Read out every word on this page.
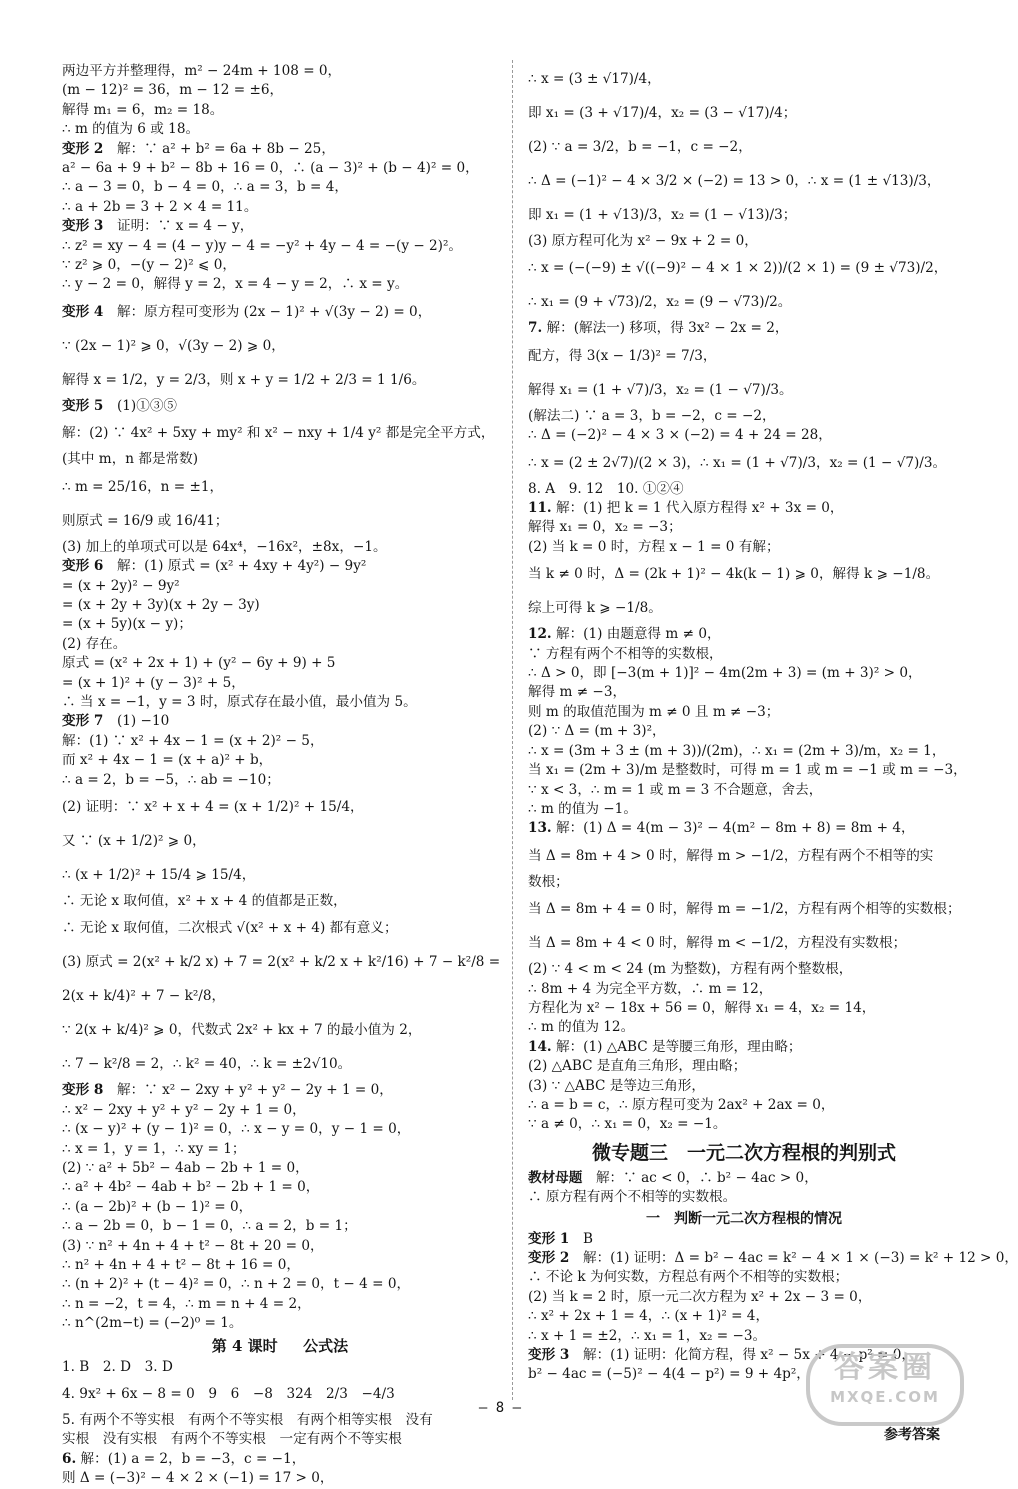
两边平方并整理得，m² − 24m + 108 = 0，
(m − 12)² = 36，m − 12 = ±6，
解得 m₁ = 6，m₂ = 18。
∴ m 的值为 6 或 18。
变形 2　解：∵ a² + b² = 6a + 8b − 25，
a² − 6a + 9 + b² − 8b + 16 = 0，∴ (a − 3)² + (b − 4)² = 0，
∴ a − 3 = 0，b − 4 = 0，∴ a = 3，b = 4，
∴ a + 2b = 3 + 2 × 4 = 11。
变形 3　证明：∵ x = 4 − y，
∴ z² = xy − 4 = (4 − y)y − 4 = −y² + 4y − 4 = −(y − 2)²。
∵ z² ⩾ 0，−(y − 2)² ⩽ 0，
∴ y − 2 = 0，解得 y = 2，x = 4 − y = 2，∴ x = y。
变形 4　解：原方程可变形为 (2x − 1)² + √(3y − 2) = 0，
∵ (2x − 1)² ⩾ 0，√(3y − 2) ⩾ 0，
解得 x = 1/2，y = 2/3，则 x + y = 1/2 + 2/3 = 1 1/6。
变形 5　(1)①③⑤
解：(2) ∵ 4x² + 5xy + my² 和 x² − nxy + 1/4 y² 都是完全平方式，
(其中 m，n 都是常数)
∴ m = 25/16，n = ±1，
则原式 = 16/9 或 16/41；
(3) 加上的单项式可以是 64x⁴，−16x²，±8x，−1。
变形 6　解：(1) 原式 = (x² + 4xy + 4y²) − 9y²
= (x + 2y)² − 9y²
= (x + 2y + 3y)(x + 2y − 3y)
= (x + 5y)(x − y)；
(2) 存在。
原式 = (x² + 2x + 1) + (y² − 6y + 9) + 5
= (x + 1)² + (y − 3)² + 5，
∴ 当 x = −1，y = 3 时，原式存在最小值，最小值为 5。
变形 7　(1) −10
解：(1) ∵ x² + 4x − 1 = (x + 2)² − 5，
而 x² + 4x − 1 = (x + a)² + b，
∴ a = 2，b = −5，∴ ab = −10；
(2) 证明：∵ x² + x + 4 = (x + 1/2)² + 15/4，
又 ∵ (x + 1/2)² ⩾ 0，
∴ (x + 1/2)² + 15/4 ⩾ 15/4，
∴ 无论 x 取何值，x² + x + 4 的值都是正数，
∴ 无论 x 取何值，二次根式 √(x² + x + 4) 都有意义；
(3) 原式 = 2(x² + k/2 x) + 7 = 2(x² + k/2 x + k²/16) + 7 − k²/8 =
2(x + k/4)² + 7 − k²/8，
∵ 2(x + k/4)² ⩾ 0，代数式 2x² + kx + 7 的最小值为 2，
∴ 7 − k²/8 = 2，∴ k² = 40，∴ k = ±2√10。
变形 8　解：∵ x² − 2xy + y² + y² − 2y + 1 = 0，
∴ x² − 2xy + y² + y² − 2y + 1 = 0，
∴ (x − y)² + (y − 1)² = 0，∴ x − y = 0，y − 1 = 0，
∴ x = 1，y = 1，∴ xy = 1；
(2) ∵ a² + 5b² − 4ab − 2b + 1 = 0，
∴ a² + 4b² − 4ab + b² − 2b + 1 = 0，
∴ (a − 2b)² + (b − 1)² = 0，
∴ a − 2b = 0，b − 1 = 0，∴ a = 2，b = 1；
(3) ∵ n² + 4n + 4 + t² − 8t + 20 = 0，
∴ n² + 4n + 4 + t² − 8t + 16 = 0，
∴ (n + 2)² + (t − 4)² = 0，∴ n + 2 = 0，t − 4 = 0，
∴ n = −2，t = 4，∴ m = n + 4 = 2，
∴ n^(2m−t) = (−2)⁰ = 1。
第 4 课时 　 公式法
1. B　2. D　3. D
4. 9x² + 6x − 8 = 0　9　6　−8　324　2/3　−4/3
5. 有两个不等实根　有两个不等实根　有两个相等实根　没有
实根　没有实根　有两个不等实根　一定有两个不等实根
6. 解：(1) a = 2，b = −3，c = −1，
则 Δ = (−3)² − 4 × 2 × (−1) = 17 > 0，
∴ x = (3 ± √17)/4，
即 x₁ = (3 + √17)/4，x₂ = (3 − √17)/4；
(2) ∵ a = 3/2，b = −1，c = −2，
∴ Δ = (−1)² − 4 × 3/2 × (−2) = 13 > 0，∴ x = (1 ± √13)/3，
即 x₁ = (1 + √13)/3，x₂ = (1 − √13)/3；
(3) 原方程可化为 x² − 9x + 2 = 0，
∴ x = (−(−9) ± √((−9)² − 4 × 1 × 2))/(2 × 1) = (9 ± √73)/2，
∴ x₁ = (9 + √73)/2，x₂ = (9 − √73)/2。
7. 解：(解法一) 移项，得 3x² − 2x = 2，
配方，得 3(x − 1/3)² = 7/3，
解得 x₁ = (1 + √7)/3，x₂ = (1 − √7)/3。
(解法二) ∵ a = 3，b = −2，c = −2，
∴ Δ = (−2)² − 4 × 3 × (−2) = 4 + 24 = 28，
∴ x = (2 ± 2√7)/(2 × 3)，∴ x₁ = (1 + √7)/3，x₂ = (1 − √7)/3。
8. A　9. 12　10. ①②④
11. 解：(1) 把 k = 1 代入原方程得 x² + 3x = 0，
解得 x₁ = 0，x₂ = −3；
(2) 当 k = 0 时，方程 x − 1 = 0 有解；
当 k ≠ 0 时，Δ = (2k + 1)² − 4k(k − 1) ⩾ 0，解得 k ⩾ −1/8。
综上可得 k ⩾ −1/8。
12. 解：(1) 由题意得 m ≠ 0，
∵ 方程有两个不相等的实数根，
∴ Δ > 0，即 [−3(m + 1)]² − 4m(2m + 3) = (m + 3)² > 0，
解得 m ≠ −3，
则 m 的取值范围为 m ≠ 0 且 m ≠ −3；
(2) ∵ Δ = (m + 3)²，
∴ x = (3m + 3 ± (m + 3))/(2m)，∴ x₁ = (2m + 3)/m，x₂ = 1，
当 x₁ = (2m + 3)/m 是整数时，可得 m = 1 或 m = −1 或 m = −3，
∵ x < 3，∴ m = 1 或 m = 3 不合题意，舍去，
∴ m 的值为 −1。
13. 解：(1) Δ = 4(m − 3)² − 4(m² − 8m + 8) = 8m + 4，
当 Δ = 8m + 4 > 0 时，解得 m > −1/2，方程有两个不相等的实
数根；
当 Δ = 8m + 4 = 0 时，解得 m = −1/2，方程有两个相等的实数根；
当 Δ = 8m + 4 < 0 时，解得 m < −1/2，方程没有实数根；
(2) ∵ 4 < m < 24 (m 为整数)，方程有两个整数根，
∴ 8m + 4 为完全平方数，∴ m = 12，
方程化为 x² − 18x + 56 = 0，解得 x₁ = 4，x₂ = 14，
∴ m 的值为 12。
14. 解：(1) △ABC 是等腰三角形，理由略；
(2) △ABC 是直角三角形，理由略；
(3) ∵ △ABC 是等边三角形，
∴ a = b = c，∴ 原方程可变为 2ax² + 2ax = 0，
∵ a ≠ 0，∴ x₁ = 0，x₂ = −1。
微专题三　一元二次方程根的判别式
教材母题　解：∵ ac < 0，∴ b² − 4ac > 0，
∴ 原方程有两个不相等的实数根。
一　判断一元二次方程根的情况
变形 1　B
变形 2　解：(1) 证明：Δ = b² − 4ac = k² − 4 × 1 × (−3) = k² + 12 > 0，
∴ 不论 k 为何实数，方程总有两个不相等的实数根；
(2) 当 k = 2 时，原一元二次方程为 x² + 2x − 3 = 0，
∴ x² + 2x + 1 = 4，∴ (x + 1)² = 4，
∴ x + 1 = ±2，∴ x₁ = 1，x₂ = −3。
变形 3　解：(1) 证明：化简方程，得 x² − 5x + 4 − p² = 0，
b² − 4ac = (−5)² − 4(4 − p²) = 9 + 4p²，
— 8 —
参考答案
答案圈
MXQE.COM
